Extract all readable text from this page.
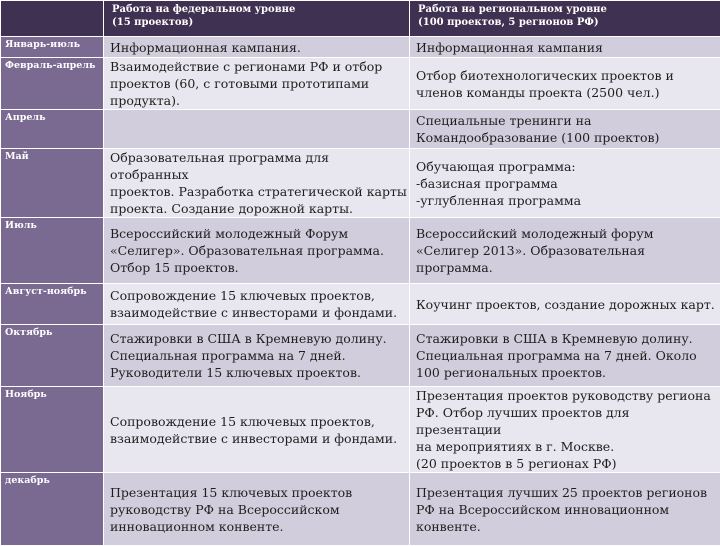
	Работа на федеральном уровне
(15 проектов)	Работа на региональном уровне
(100 проектов, 5 регионов РФ)

Январь-июль	Информационная кампания.	Информационная кампания

Февраль-апрель	Взаимодействие с регионами РФ и отбор
проектов (60, с готовыми прототипами
продукта).	Отбор биотехнологических проектов и
членов команды проекта (2500 чел.)

Апрель		Специальные тренинги на
Командообразование (100 проектов)

Май	Образовательная программа для отобранных
проектов. Разработка стратегической карты
проекта. Создание дорожной карты.	Обучающая программа:
-базисная программа
-углубленная программа

Июль	Всероссийский молодежный Форум
«Селигер». Образовательная программа.
Отбор 15 проектов.	Всероссийский молодежный форум
«Селигер 2013». Образовательная программа.

Август-ноябрь	Сопровождение 15 ключевых проектов,
взаимодействие с инвесторами и фондами.	Коучинг проектов, создание дорожных карт.

Октябрь	Стажировки в США в Кремневую долину.
Специальная программа на 7 дней.
Руководители 15 ключевых проектов.	Стажировки в США в Кремневую долину.
Специальная программа на 7 дней. Около
100 региональных проектов.

Ноябрь	Сопровождение 15 ключевых проектов,
взаимодействие с инвесторами и фондами.	Презентация проектов руководству региона
РФ. Отбор лучших проектов для презентации
на мероприятиях в г. Москве.
(20 проектов в 5 регионах РФ)

декабрь	Презентация 15 ключевых проектов
руководству РФ на Всероссийском
инновационном конвенте.	Презентация лучших 25 проектов регионов
РФ на Всероссийском инновационном
конвенте.
